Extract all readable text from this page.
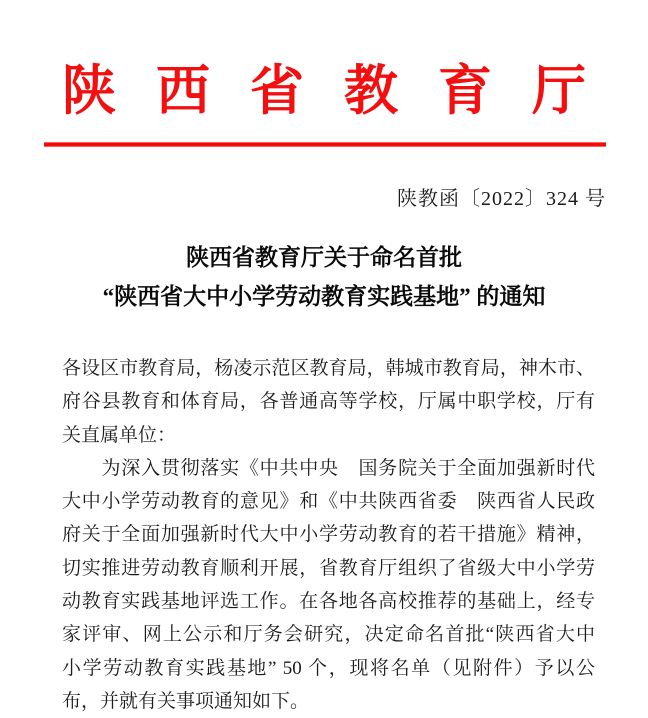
陕西省教育厅
陕教函〔2022〕324 号
陕西省教育厅关于命名首批
“陕西省大中小学劳动教育实践基地” 的通知
各设区市教育局，杨凌示范区教育局，韩城市教育局，神木市、
府谷县教育和体育局，各普通高等学校，厅属中职学校，厅有
关直属单位：
　　为深入贯彻落实《中共中央　国务院关于全面加强新时代
大中小学劳动教育的意见》和《中共陕西省委　陕西省人民政
府关于全面加强新时代大中小学劳动教育的若干措施》精神，
切实推进劳动教育顺利开展，省教育厅组织了省级大中小学劳
动教育实践基地评选工作。在各地各高校推荐的基础上，经专
家评审、网上公示和厅务会研究，决定命名首批“陕西省大中
小学劳动教育实践基地” 50 个，现将名单（见附件）予以公
布，并就有关事项通知如下。
